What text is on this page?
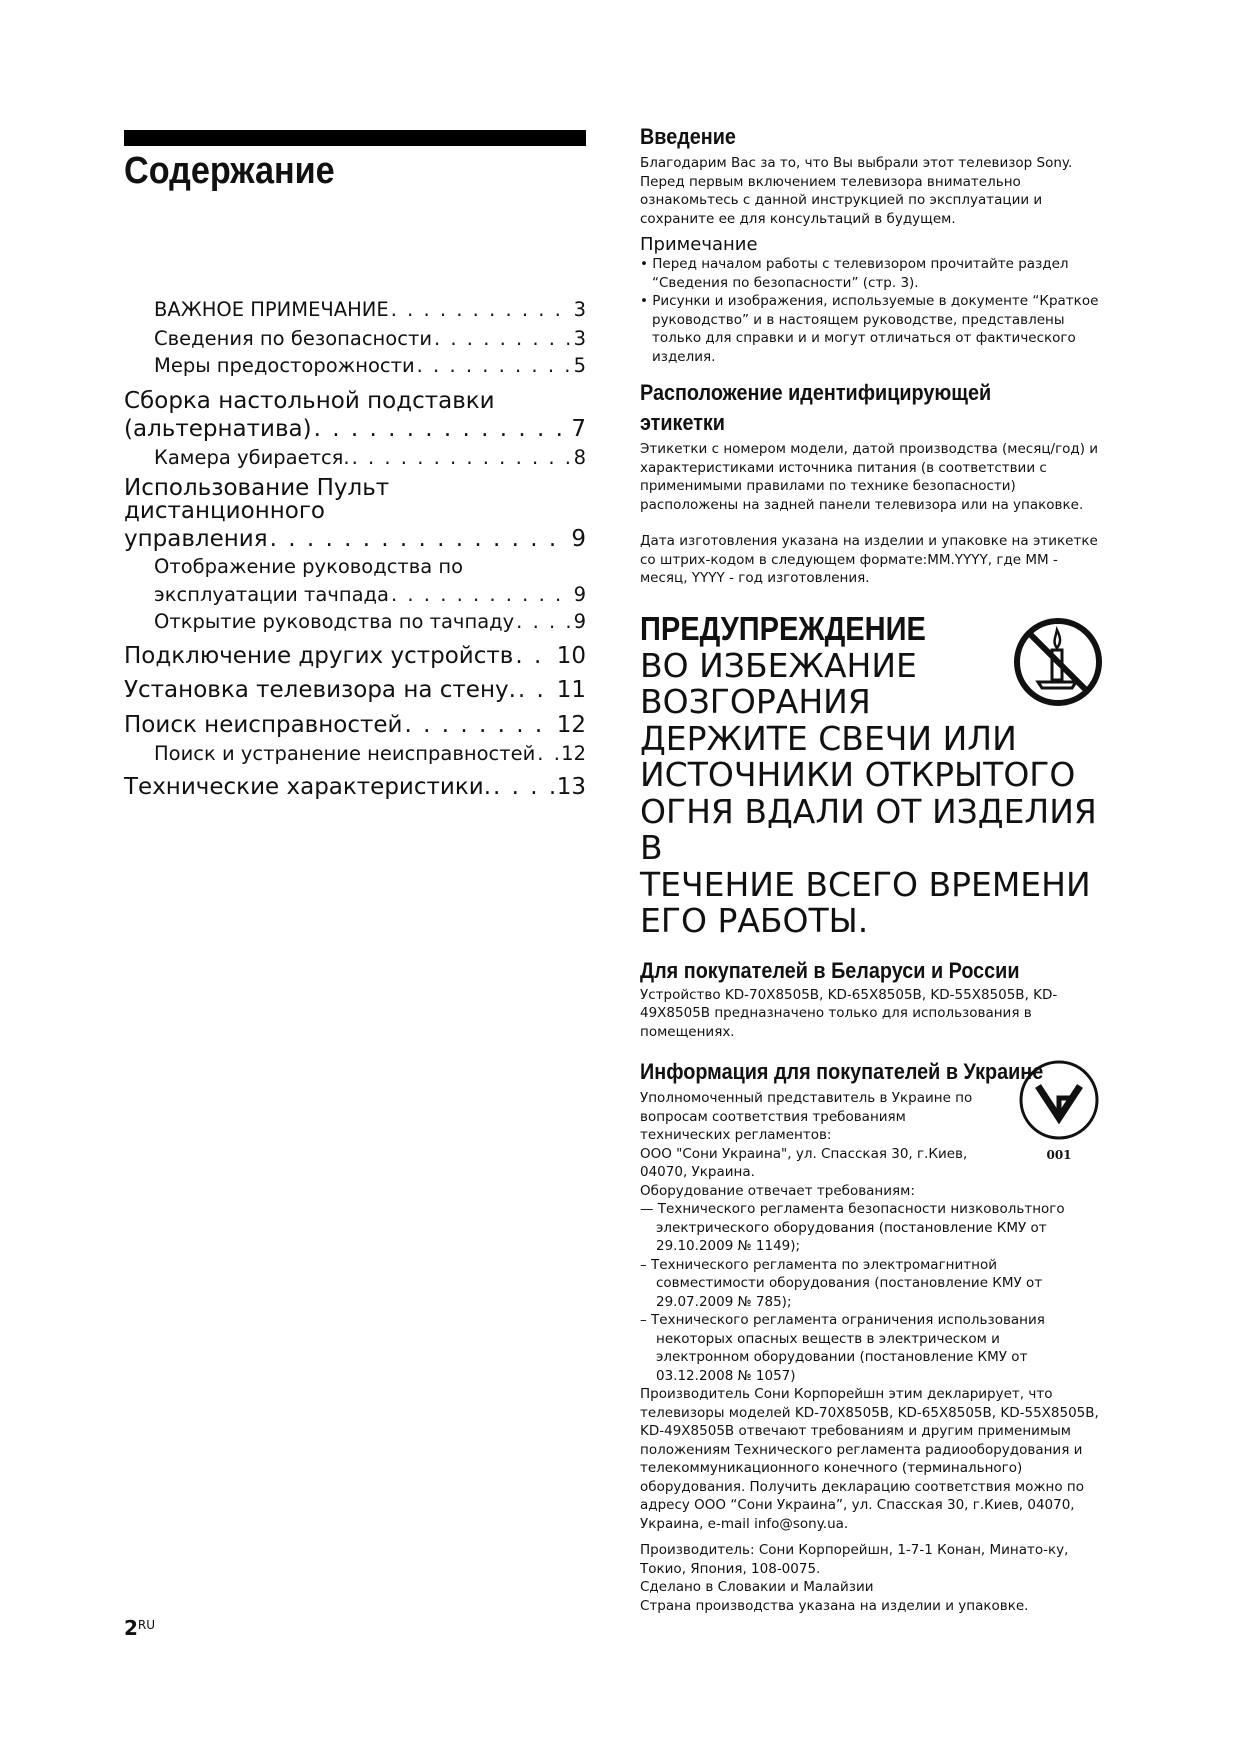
Содержание
ВАЖНОЕ ПРИМЕЧАНИЕ . . .	3
Сведения по безопасности . . .	3
Меры предосторожности . . .	5
Сборка настольной подставки
(альтернатива) . . .	7
Камера убирается. . . .	8
Использование Пульт дистанционного
управления . . .	9
Отображение руководства по
эксплуатации тачпада . . .	9
Открытие руководства по тачпаду . . .	9
Подключение других устройств . . . 10
Установка телевизора на стену. . . . 11
Поиск неисправностей . . .	12
Поиск и устранение неисправностей . . . 12
Технические характеристики. . . .	13
Введение

Благодарим Вас за то, что Вы выбрали этот телевизор Sony. Перед первым включением телевизора внимательно ознакомьтесь с данной инструкцией по эксплуатации и сохраните ее для консультаций в будущем.

Примечание

• Перед началом работы с телевизором прочитайте раздел “Сведения по безопасности” (стр. 3).

• Рисунки и изображения, используемые в документе “Краткое руководство” и в настоящем руководстве, представлены только для справки и и могут отличаться от фактического изделия.

Расположение идентифицирующей
этикетки

Этикетки с номером модели, датой производства (месяц/год) и характеристиками источника питания (в соответствии с применимыми правилами по технике безопасности) расположены на задней панели телевизора или на упаковке.

Дата изготовления указана на изделии и упаковке на этикетке со штрих-кодом в следующем формате:ММ.YYYY, где ММ - месяц, YYYY - год изготовления.

ПРЕДУПРЕЖДЕНИЕ

ВО ИЗБЕЖАНИЕ
ВОЗГОРАНИЯ
ДЕРЖИТЕ СВЕЧИ ИЛИ
ИСТОЧНИКИ ОТКРЫТОГО
ОГНЯ ВДАЛИ ОТ ИЗДЕЛИЯ В
ТЕЧЕНИЕ ВСЕГО ВРЕМЕНИ
ЕГО РАБОТЫ.

Для покупателей в Беларуси и России

Устройство KD-70X8505B, KD-65X8505B, KD-55X8505B, KD-49X8505B предназначено только для использования в помещениях.

Информация для покупателей в Украине

Уполномоченный представитель в Украине по вопросам соответствия требованиям технических регламентов:

ООО "Сони Украина", ул. Спасская 30, г.Киев, 04070, Украина.

Оборудование отвечает требованиям:

— Технического регламента безопасности низковольтного электрического оборудования (постановление КМУ от 29.10.2009 № 1149);

– Технического регламента по электромагнитной совместимости оборудования (постановление КМУ от 29.07.2009 № 785);

– Технического регламента ограничения использования некоторых опасных веществ в электрическом и электронном оборудовании (постановление КМУ от 03.12.2008 № 1057)

Производитель Сони Корпорейшн этим декларирует, что телевизоры моделей KD-70X8505B, KD-65X8505B, KD-55X8505B, KD-49X8505B отвечают требованиям и другим применимым положениям Технического регламента радиооборудования и телекоммуникационного конечного (терминального) оборудования. Получить декларацию соответствия можно по адресу ООО “Сони Украина”, ул. Спасская 30, г.Киев, 04070, Украина, e-mail info@sony.ua.

Производитель: Сони Корпорейшн, 1-7-1 Конан, Минато-ку, Токио, Япония, 108-0075.

Сделано в Словакии и Малайзии

Страна производства указана на изделии и упаковке.

001
$2^{RU}$
